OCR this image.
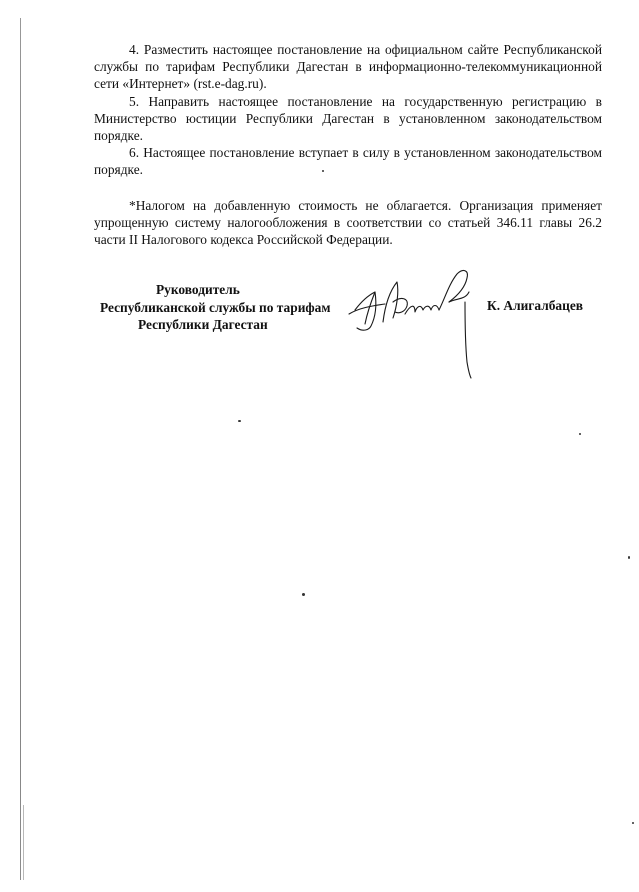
4. Разместить настоящее постановление на официальном сайте Республиканской службы по тарифам Республики Дагестан в информационно-телекоммуникационной сети «Интернет» (rst.e-dag.ru).

5. Направить настоящее постановление на государственную регистрацию в Министерство юстиции Республики Дагестан в установленном законодательством порядке.

6. Настоящее постановление вступает в силу в установленном законодательством порядке.

*Налогом на добавленную стоимость не облагается. Организация применяет упрощенную систему налогообложения в соответствии со статьей 346.11 главы 26.2 части II Налогового кодекса Российской Федерации.

Руководитель
Республиканской службы по тарифам
Республики Дагестан
К. Алигалбацев
